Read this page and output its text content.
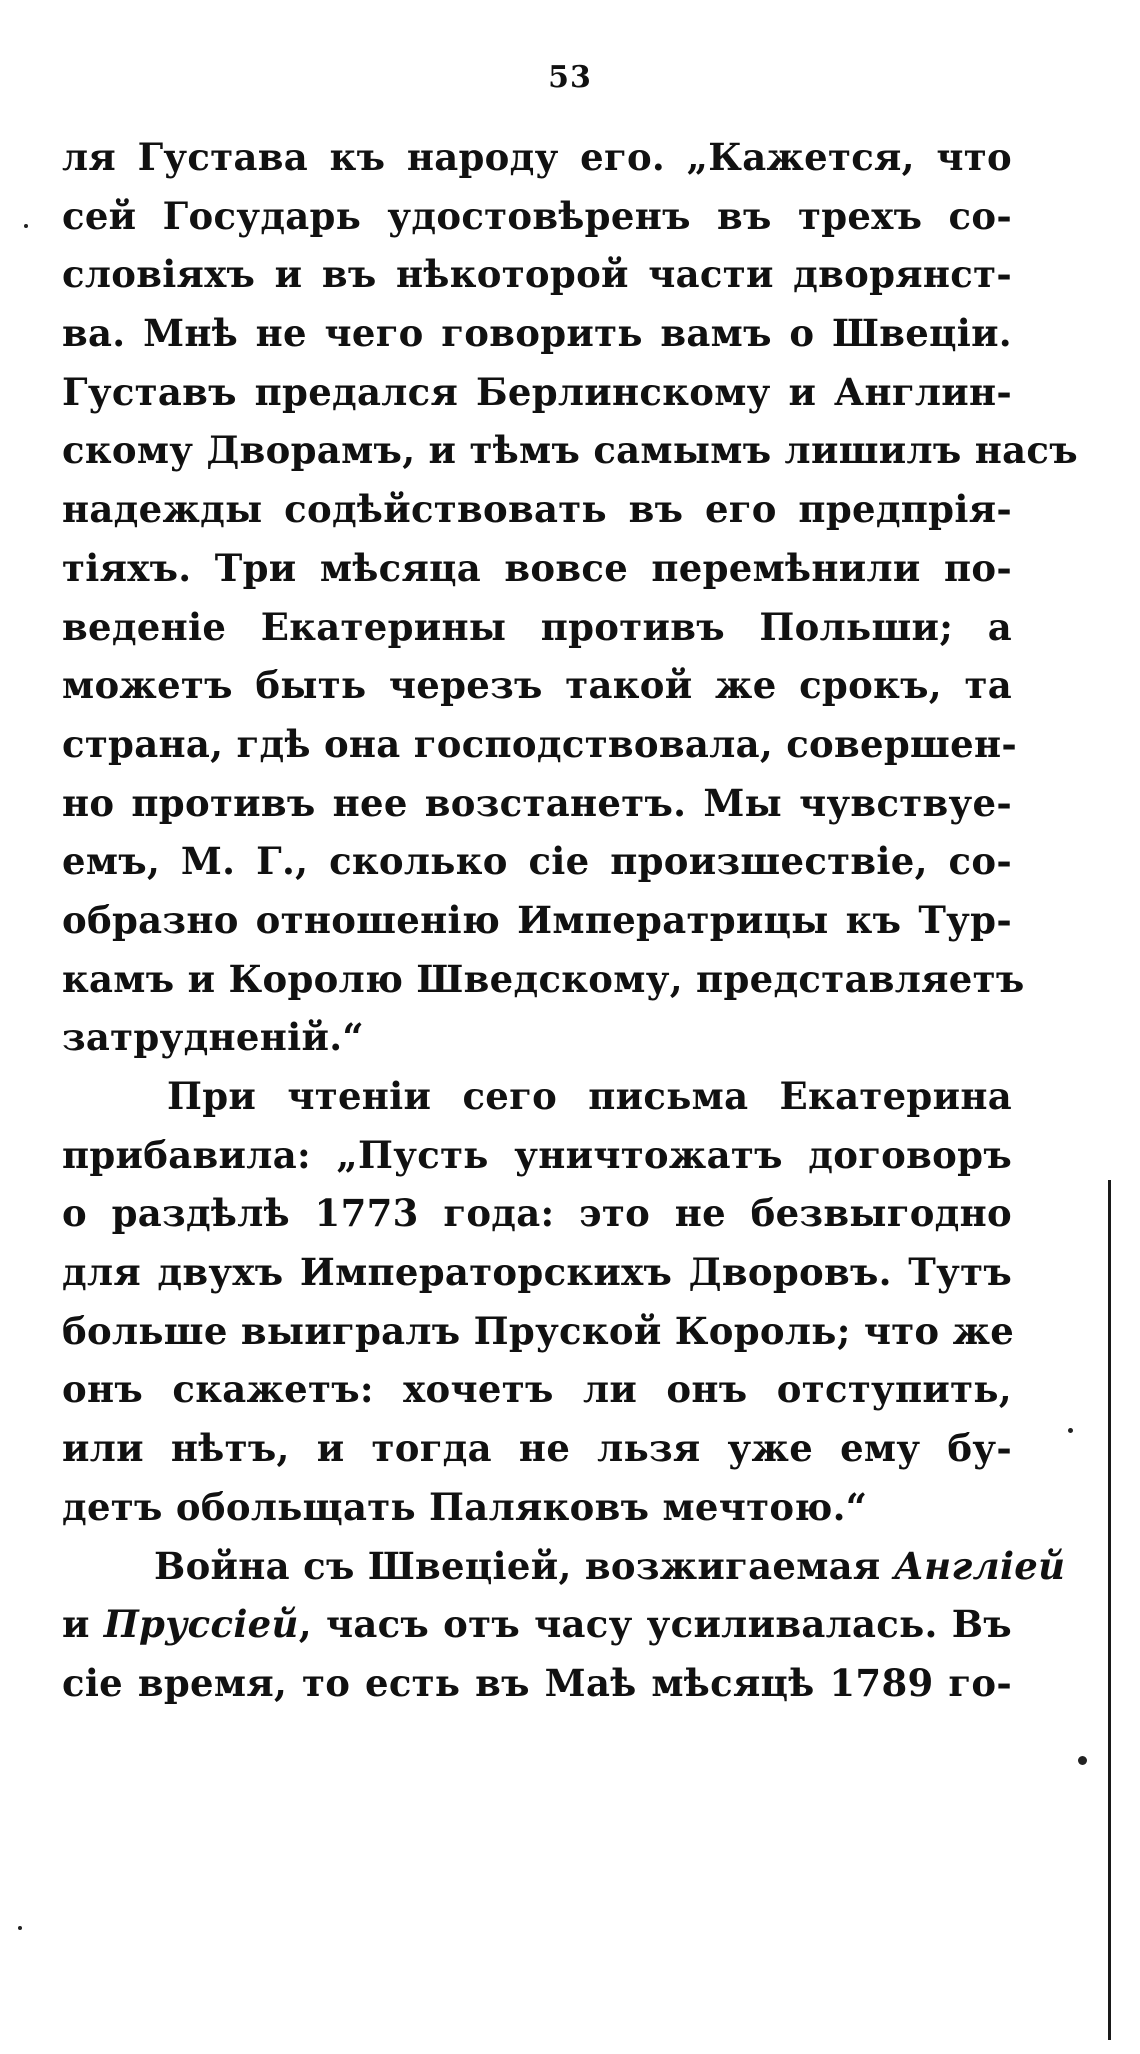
53
ля Густава къ народу его. „Кажется, что
сей Государь удостовѣренъ въ трехъ со-
словіяхъ и въ нѣкоторой части дворянст-
ва. Мнѣ не чего говорить вамъ о Швеціи.
Густавъ предался Берлинскому и Англин-
скому Дворамъ, и тѣмъ самымъ лишилъ насъ
надежды содѣйствовать въ его предпрія-
тіяхъ. Три мѣсяца вовсе перемѣнили по-
веденіе Екатерины противъ Польши; а
можетъ быть черезъ такой же срокъ, та
страна, гдѣ она господствовала, совершен-
но противъ нее возстанетъ. Мы чувствуе-
емъ, М. Г., сколько сіе произшествіе, со-
образно отношенію Императрицы къ Тур-
камъ и Королю Шведскому, представляетъ
затрудненій.“
При чтеніи сего письма Екатерина
прибавила: „Пусть уничтожатъ договоръ
о раздѣлѣ 1773 года: это не безвыгодно
для двухъ Императорскихъ Дворовъ. Тутъ
больше выигралъ Пруской Король; что же
онъ скажетъ: хочетъ ли онъ отступить,
или нѣтъ, и тогда не льзя уже ему бу-
детъ обольщать Паляковъ мечтою.“
Война съ Швеціей, возжигаемая Англіей
и Пруссіей, часъ отъ часу усиливалась. Въ
сіе время, то есть въ Маѣ мѣсяцѣ 1789 го-
